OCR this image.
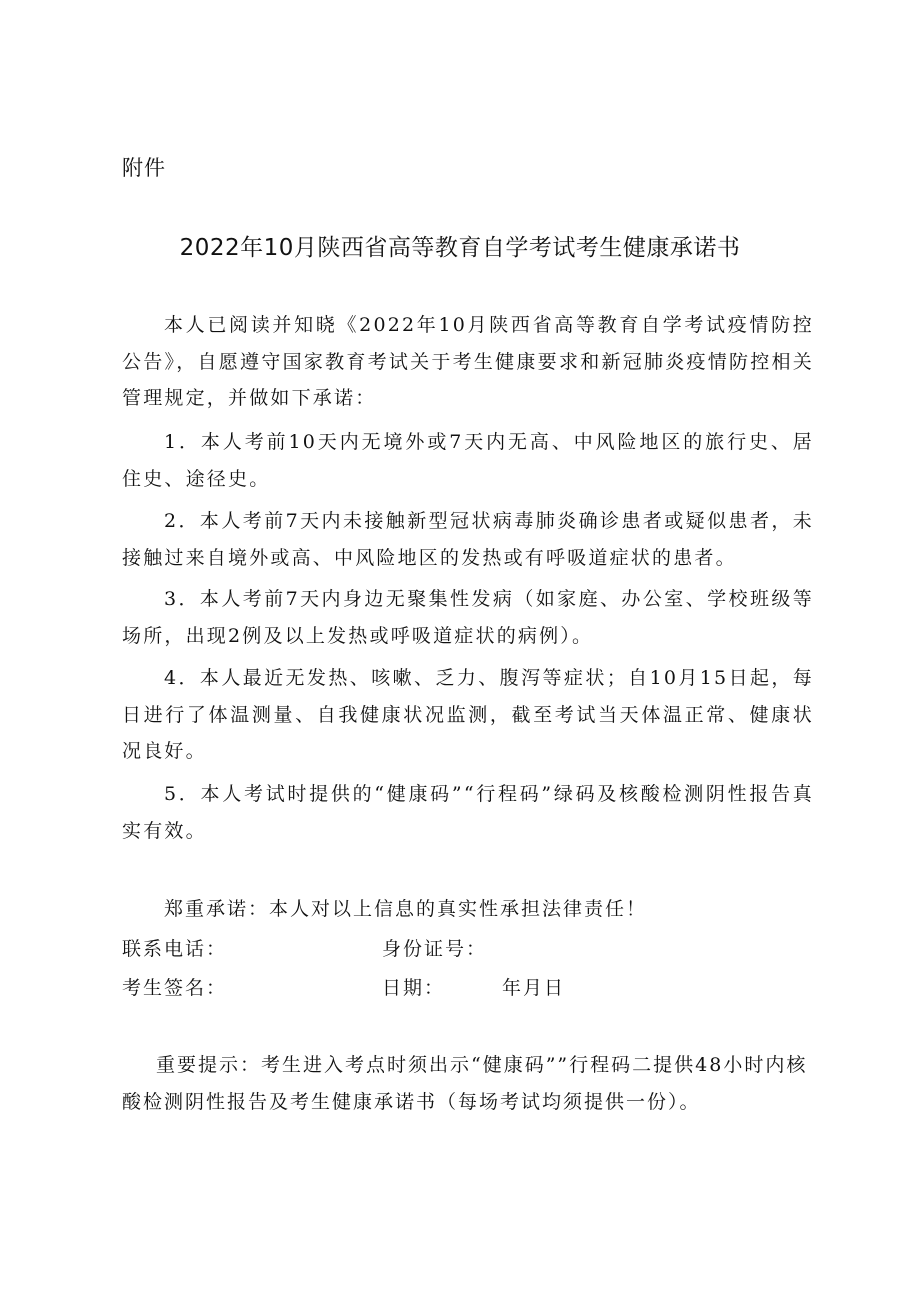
附件
2022年10月陕西省高等教育自学考试考生健康承诺书

本人已阅读并知晓《2022年10月陕西省高等教育自学考试疫情防控公告》，自愿遵守国家教育考试关于考生健康要求和新冠肺炎疫情防控相关管理规定，并做如下承诺：

1．本人考前10天内无境外或7天内无高、中风险地区的旅行史、居住史、途径史。

2．本人考前7天内未接触新型冠状病毒肺炎确诊患者或疑似患者，未接触过来自境外或高、中风险地区的发热或有呼吸道症状的患者。

3．本人考前7天内身边无聚集性发病（如家庭、办公室、学校班级等场所，出现2例及以上发热或呼吸道症状的病例）。

4．本人最近无发热、咳嗽、乏力、腹泻等症状；自10月15日起，每日进行了体温测量、自我健康状况监测，截至考试当天体温正常、健康状况良好。

5．本人考试时提供的“健康码”“行程码”绿码及核酸检测阴性报告真实有效。

郑重承诺：本人对以上信息的真实性承担法律责任！
联系电话：	身份证号：
考生签名：	日期：	年月日

重要提示：考生进入考点时须出示“健康码””行程码二提供48小时内核酸检测阴性报告及考生健康承诺书（每场考试均须提供一份）。
